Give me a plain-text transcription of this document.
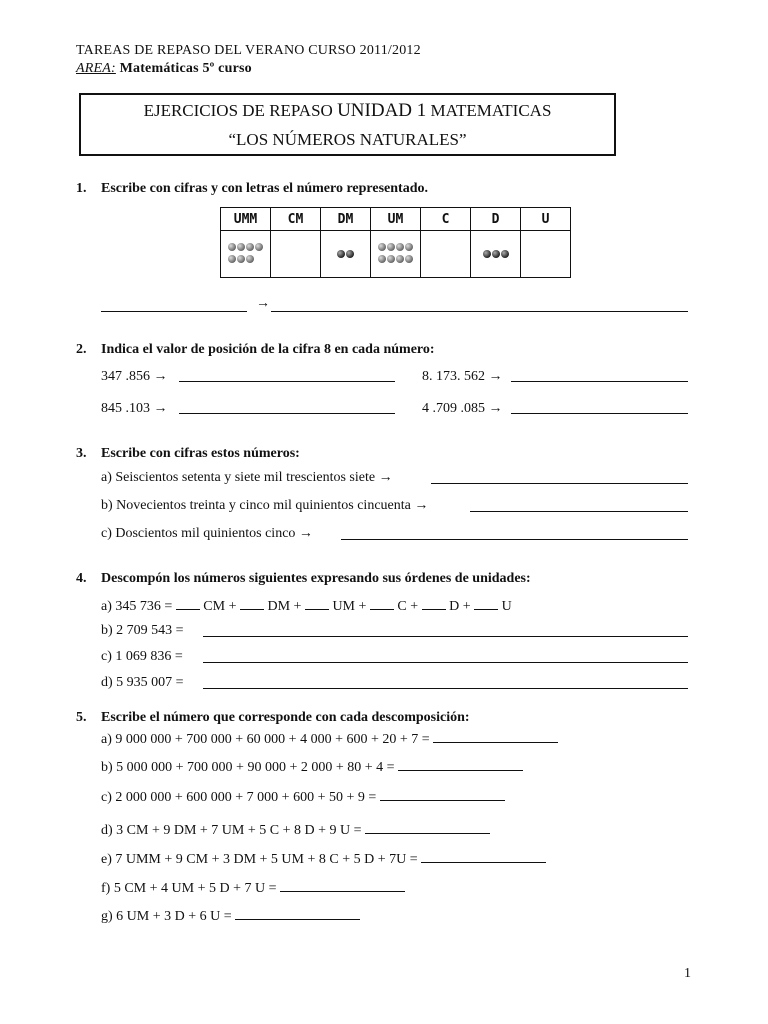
TAREAS DE REPASO DEL VERANO CURSO 2011/2012
AREA: Matemáticas 5º curso
EJERCICIOS DE REPASO UNIDAD 1 MATEMATICAS
“LOS NÚMEROS NATURALES”
1. Escribe con cifras y con letras el número representado.
UMM	CM	DM	UM	C	D	U

→
2. Indica el valor de posición de la cifra 8 en cada número:
347 .856 →	8. 173. 562 →
845 .103 →	4 .709 .085 →
3. Escribe con cifras estos números:
a) Seiscientos setenta y siete mil trescientos siete →
b) Novecientos treinta y cinco mil quinientos cincuenta →
c) Doscientos mil quinientos cinco →
4. Descompón los números siguientes expresando sus órdenes de unidades:
a) 345 736 = CM + DM + UM + C + D + U
b) 2 709 543 =
c) 1 069 836 =
d) 5 935 007 =
5. Escribe el número que corresponde con cada descomposición:
a) 9 000 000 + 700 000 + 60 000 + 4 000 + 600 + 20 + 7 =
b) 5 000 000 + 700 000 + 90 000 + 2 000 + 80 + 4 =
c) 2 000 000 + 600 000 + 7 000 + 600 + 50 + 9 =
d) 3 CM + 9 DM + 7 UM + 5 C + 8 D + 9 U =
e) 7 UMM + 9 CM + 3 DM + 5 UM + 8 C + 5 D + 7U =
f) 5 CM + 4 UM + 5 D + 7 U =
g) 6 UM + 3 D + 6 U =
1
